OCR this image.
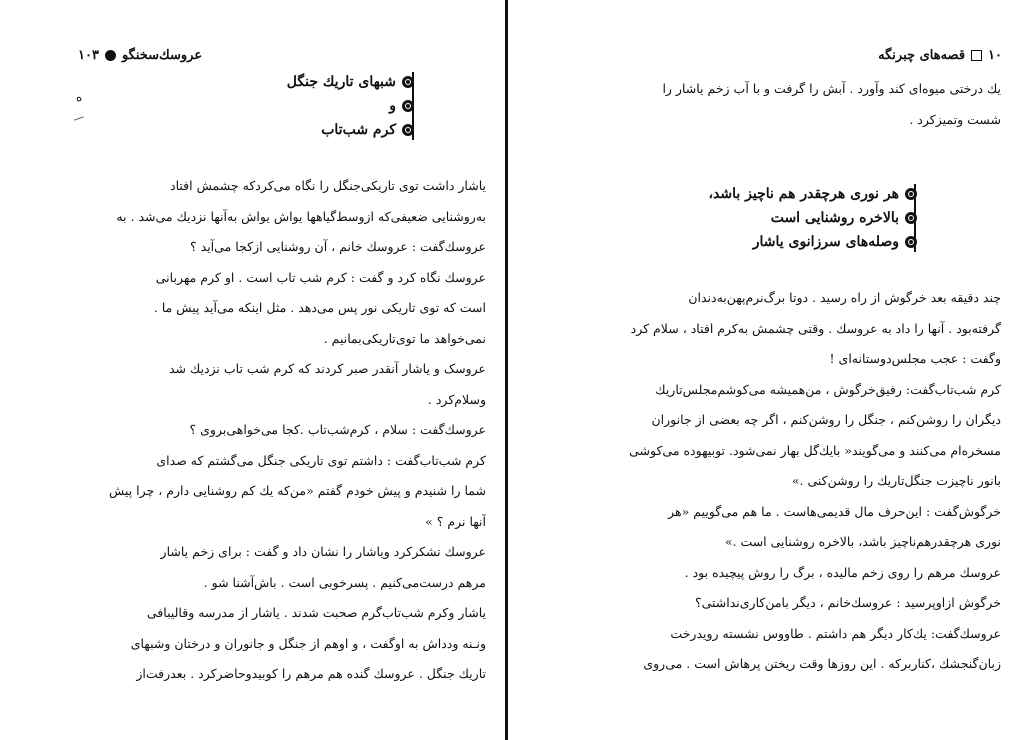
۱۰۳ عروسك‌سخنگو
شبهای تاریك جنگل
و
کرم شب‌تاب
ه
یاشار داشت توی تاریکی‌جنگل را نگاه می‌کردکه چشمش افتاد
به‌روشنایی ضعیفی‌که ازوسط‌گیاهها یواش یواش به‌آنها نزدیك می‌شد . به
عروسك‌گفت : عروسك خانم ، آن روشنایی ازکجا می‌آید ؟
عروسك نگاه کرد و گفت : کرم شب تاب است . او کرم مهربانی
است که توی تاریکی نور پس می‌دهد . مثل اینکه می‌آید پیش ما .
نمی‌خواهد ما توی‌تاریکی‌بمانیم .
عروسک و یاشار آنقدر صبر کردند که کرم شب تاب نزدیك شد
وسلام‌کرد .
عروسك‌گفت : سلام ، کرم‌شب‌تاب .کجا می‌خواهی‌بروی ؟
کرم شب‌تاب‌گفت : داشتم توی تاریکی جنگل می‌گشتم که صدای
شما را شنیدم و پیش خودم گفتم «من‌که یك کم روشنایی دارم ، چرا پیش
آنها نرم ؟ »
عروسك تشکرکرد و‌یاشار را نشان داد و گفت : برای زخم یاشار
مرهم درست‌می‌کنیم . پسرخوبی است . باش‌آشنا شو .
یاشار وکرم شب‌تاب‌گرم صحبت شدند . یاشار از مدرسه وقالیبافی
ونـنه ودداش به اوگفت ، و اوهم از جنگل و جانوران و درختان وشبهای
تاریك جنگل . عروسك گنده هم مرهم را کوبید‌وحاضرکرد . بعدرفت‌از
۱۰
قصه‌های چبرنگه
یك درختی میوه‌ای کند وآورد . آبش را گرفت و با آب زخم یاشار را
شست وتمیز‌کرد .
هر نوری هرچقدر هم ناچیز باشد،
بالاخره روشنایی است
وصله‌های سرزانوی یاشار
چند دقیقه بعد خرگوش از راه رسید . دوتا برگ‌نرم‌پهن‌به‌دندان
گرفته‌بود . آنها را داد به عروسك . وقتی چشمش به‌کرم افتاد ، سلام کرد
وگفت : عجب مجلس‌دوستانه‌ای !
کرم شب‌تاب‌گفت: رفیق‌خرگوش ، من‌همیشه می‌کوشم‌مجلس‌تاریك
دیگران را روشن‌کنم ، جنگل را روشن‌کنم ، اگر چه بعضی از جانوران
مسخره‌ام می‌کنند و می‌گویند« با‌یك‌گل بهار نمی‌شود. توبیهوده می‌کوشی
بانور ناچیزت جنگل‌تاریك را روشن‌کنی .»
خرگوش‌گفت : این‌حرف مال قدیمی‌هاست . ما هم می‌گوییم «هر
نوری هرچقدرهم‌ناچیز باشد، بالاخره روشنایی است .»
عروسك مرهم را روی زخم مالیده ، برگ را روش پیچیده بود .
خرگوش ازاو‌پرسید : عروسك‌خانم ، دیگر با‌من‌کاری‌نداشتی؟
عروسك‌گفت: یك‌کار دیگر هم داشتم . طاووس نشسته رویدرخت
زبان‌گنجشك ،کنار‌برکه . این روزها وقت ریختن پرهاش است . می‌روی
